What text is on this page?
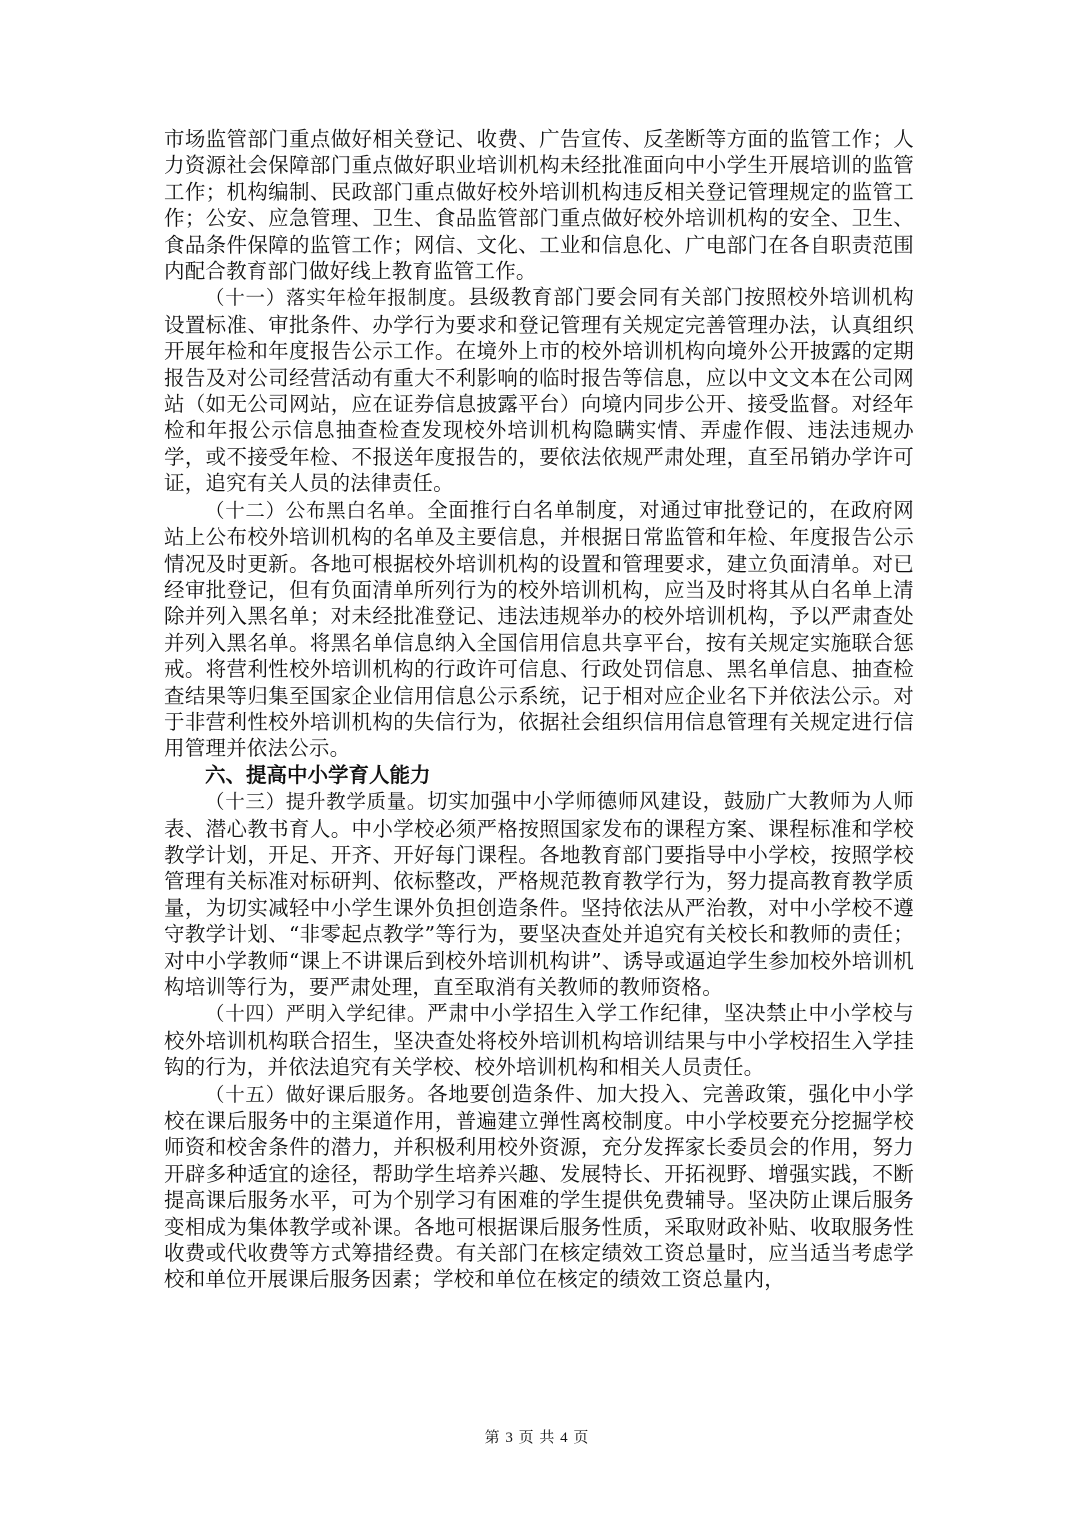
市场监管部门重点做好相关登记、收费、广告宣传、反垄断等方面的监管工作；人力资源社会保障部门重点做好职业培训机构未经批准面向中小学生开展培训的监管工作；机构编制、民政部门重点做好校外培训机构违反相关登记管理规定的监管工作；公安、应急管理、卫生、食品监管部门重点做好校外培训机构的安全、卫生、食品条件保障的监管工作；网信、文化、工业和信息化、广电部门在各自职责范围内配合教育部门做好线上教育监管工作。

（十一）落实年检年报制度。县级教育部门要会同有关部门按照校外培训机构设置标准、审批条件、办学行为要求和登记管理有关规定完善管理办法，认真组织开展年检和年度报告公示工作。在境外上市的校外培训机构向境外公开披露的定期报告及对公司经营活动有重大不利影响的临时报告等信息，应以中文文本在公司网站（如无公司网站，应在证券信息披露平台）向境内同步公开、接受监督。对经年检和年报公示信息抽查检查发现校外培训机构隐瞒实情、弄虚作假、违法违规办学，或不接受年检、不报送年度报告的，要依法依规严肃处理，直至吊销办学许可证，追究有关人员的法律责任。

（十二）公布黑白名单。全面推行白名单制度，对通过审批登记的，在政府网站上公布校外培训机构的名单及主要信息，并根据日常监管和年检、年度报告公示情况及时更新。各地可根据校外培训机构的设置和管理要求，建立负面清单。对已经审批登记，但有负面清单所列行为的校外培训机构，应当及时将其从白名单上清除并列入黑名单；对未经批准登记、违法违规举办的校外培训机构，予以严肃查处并列入黑名单。将黑名单信息纳入全国信用信息共享平台，按有关规定实施联合惩戒。将营利性校外培训机构的行政许可信息、行政处罚信息、黑名单信息、抽查检查结果等归集至国家企业信用信息公示系统，记于相对应企业名下并依法公示。对于非营利性校外培训机构的失信行为，依据社会组织信用信息管理有关规定进行信用管理并依法公示。

六、提高中小学育人能力

（十三）提升教学质量。切实加强中小学师德师风建设，鼓励广大教师为人师表、潜心教书育人。中小学校必须严格按照国家发布的课程方案、课程标准和学校教学计划，开足、开齐、开好每门课程。各地教育部门要指导中小学校，按照学校管理有关标准对标研判、依标整改，严格规范教育教学行为，努力提高教育教学质量，为切实减轻中小学生课外负担创造条件。坚持依法从严治教，对中小学校不遵守教学计划、“非零起点教学”等行为，要坚决查处并追究有关校长和教师的责任；对中小学教师“课上不讲课后到校外培训机构讲”、诱导或逼迫学生参加校外培训机构培训等行为，要严肃处理，直至取消有关教师的教师资格。

（十四）严明入学纪律。严肃中小学招生入学工作纪律，坚决禁止中小学校与校外培训机构联合招生，坚决查处将校外培训机构培训结果与中小学校招生入学挂钩的行为，并依法追究有关学校、校外培训机构和相关人员责任。

（十五）做好课后服务。各地要创造条件、加大投入、完善政策，强化中小学校在课后服务中的主渠道作用，普遍建立弹性离校制度。中小学校要充分挖掘学校师资和校舍条件的潜力，并积极利用校外资源，充分发挥家长委员会的作用，努力开辟多种适宜的途径，帮助学生培养兴趣、发展特长、开拓视野、增强实践，不断提高课后服务水平，可为个别学习有困难的学生提供免费辅导。坚决防止课后服务变相成为集体教学或补课。各地可根据课后服务性质，采取财政补贴、收取服务性收费或代收费等方式筹措经费。有关部门在核定绩效工资总量时，应当适当考虑学校和单位开展课后服务因素；学校和单位在核定的绩效工资总量内，

第 3 页 共 4 页
